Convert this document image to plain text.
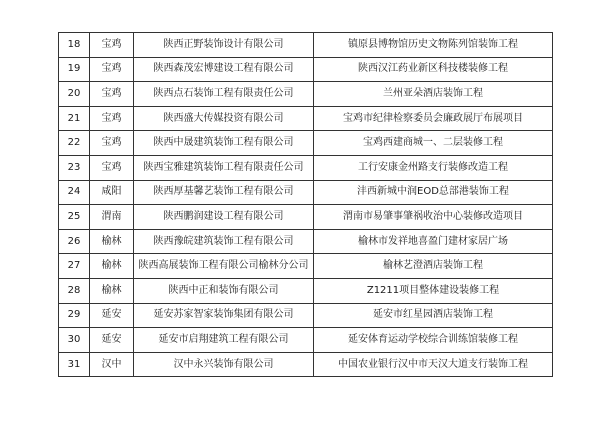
18	宝鸡	陕西正野装饰设计有限公司	镇原县博物馆历史文物陈列馆装饰工程
19	宝鸡	陕西森茂宏博建设工程有限公司	陕西汉江药业新区科技楼装修工程
20	宝鸡	陕西点石装饰工程有限责任公司	兰州亚朵酒店装饰工程
21	宝鸡	陕西盛大传媒投资有限公司	宝鸡市纪律检察委员会廉政展厅布展项目
22	宝鸡	陕西中晟建筑装饰工程有限公司	宝鸡西建商城一、二层装修工程
23	宝鸡	陕西宝雅建筑装饰工程有限责任公司	工行安康金州路支行装修改造工程
24	咸阳	陕西厚基馨艺装饰工程有限公司	沣西新城中润EOD总部港装饰工程
25	渭南	陕西鹏润建设工程有限公司	渭南市易肇事肇祸收治中心装修改造项目
26	榆林	陕西豫皖建筑装饰工程有限公司	榆林市发祥地喜盈门建材家居广场
27	榆林	陕西高展装饰工程有限公司榆林分公司	榆林艺澄酒店装饰工程
28	榆林	陕西中正和装饰有限公司	Z1211项目整体建设装修工程
29	延安	延安苏家智家装饰集团有限公司	延安市红星园酒店装饰工程
30	延安	延安市启翔建筑工程有限公司	延安体育运动学校综合训练馆装修工程
31	汉中	汉中永兴装饰有限公司	中国农业银行汉中市天汉大道支行装饰工程
